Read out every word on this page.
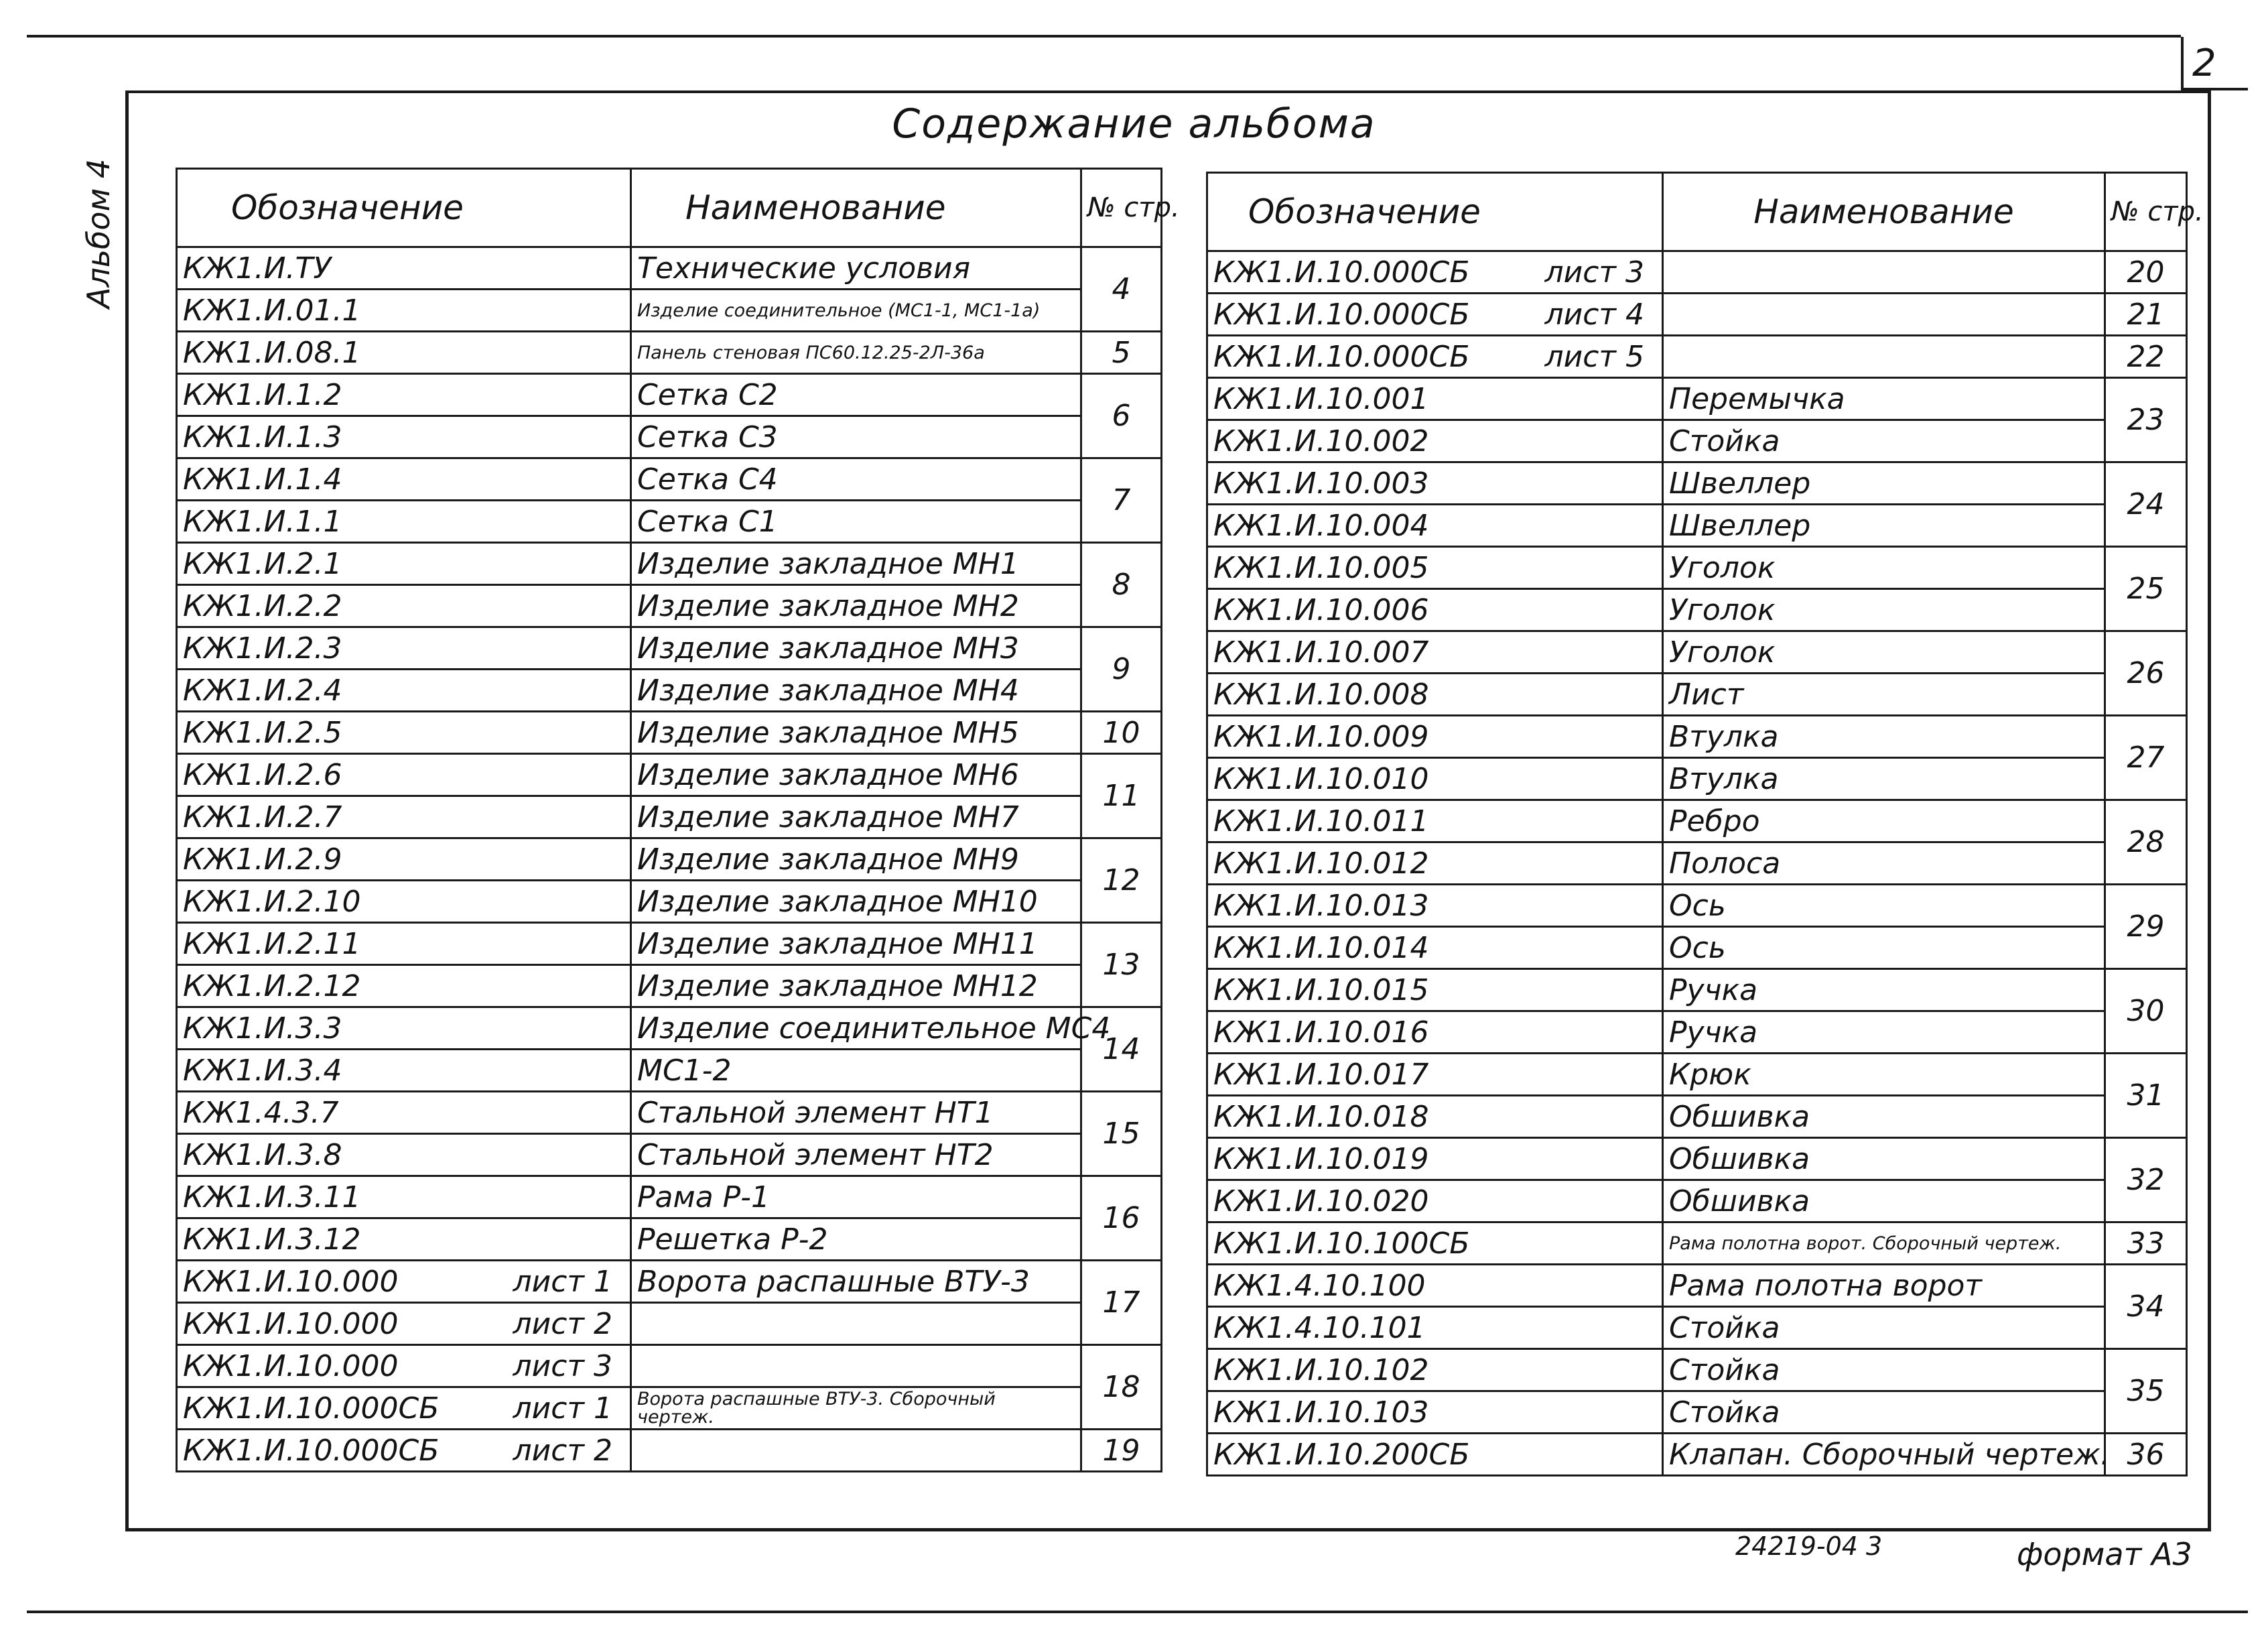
2
Альбом 4
Содержание альбома
Обозначение	Наименование	№ стр.
КЖ1.И.ТУ	Технические условия	4
КЖ1.И.01.1	Изделие соединительное (МС1-1, МС1-1а)	
КЖ1.И.08.1	Панель стеновая ПС60.12.25-2Л-36а	5
КЖ1.И.1.2	Сетка С2	6
КЖ1.И.1.3	Сетка С3	
КЖ1.И.1.4	Сетка С4	7
КЖ1.И.1.1	Сетка С1	
КЖ1.И.2.1	Изделие закладное МН1	8
КЖ1.И.2.2	Изделие закладное МН2	
КЖ1.И.2.3	Изделие закладное МН3	9
КЖ1.И.2.4	Изделие закладное МН4	
КЖ1.И.2.5	Изделие закладное МН5	10
КЖ1.И.2.6	Изделие закладное МН6	11
КЖ1.И.2.7	Изделие закладное МН7	
КЖ1.И.2.9	Изделие закладное МН9	12
КЖ1.И.2.10	Изделие закладное МН10	
КЖ1.И.2.11	Изделие закладное МН11	13
КЖ1.И.2.12	Изделие закладное МН12	
КЖ1.И.3.3	Изделие соединительное МС4	14
КЖ1.И.3.4	МС1-2	
КЖ1.4.3.7	Стальной элемент НТ1	15
КЖ1.И.3.8	Стальной элемент НТ2	
КЖ1.И.3.11	Рама Р-1	16
КЖ1.И.3.12	Решетка Р-2	
КЖ1.И.10.000 лист 1	Ворота распашные ВТУ-3	17
КЖ1.И.10.000 лист 2		

КЖ1.И.10.000 лист 3		18
КЖ1.И.10.000СБ лист 1	Ворота распашные ВТУ-3. Сборочный чертеж.	
КЖ1.И.10.000СБ лист 2		19
Обозначение	Наименование	№ стр.
КЖ1.И.10.000СБ лист 3		20
КЖ1.И.10.000СБ лист 4		21
КЖ1.И.10.000СБ лист 5		22
КЖ1.И.10.001	Перемычка	23
КЖ1.И.10.002	Стойка	
КЖ1.И.10.003	Швеллер	24
КЖ1.И.10.004	Швеллер	
КЖ1.И.10.005	Уголок	25
КЖ1.И.10.006	Уголок	
КЖ1.И.10.007	Уголок	26
КЖ1.И.10.008	Лист	
КЖ1.И.10.009	Втулка	27
КЖ1.И.10.010	Втулка	
КЖ1.И.10.011	Ребро	28
КЖ1.И.10.012	Полоса	
КЖ1.И.10.013	Ось	29
КЖ1.И.10.014	Ось	
КЖ1.И.10.015	Ручка	30
КЖ1.И.10.016	Ручка	
КЖ1.И.10.017	Крюк	31
КЖ1.И.10.018	Обшивка	
КЖ1.И.10.019	Обшивка	32
КЖ1.И.10.020	Обшивка	
КЖ1.И.10.100СБ	Рама полотна ворот. Сборочный чертеж.	33
КЖ1.4.10.100	Рама полотна ворот	34
КЖ1.4.10.101	Стойка	
КЖ1.И.10.102	Стойка	35
КЖ1.И.10.103	Стойка	
КЖ1.И.10.200СБ	Клапан. Сборочный чертеж.	36
24219-04 3	формат А3
